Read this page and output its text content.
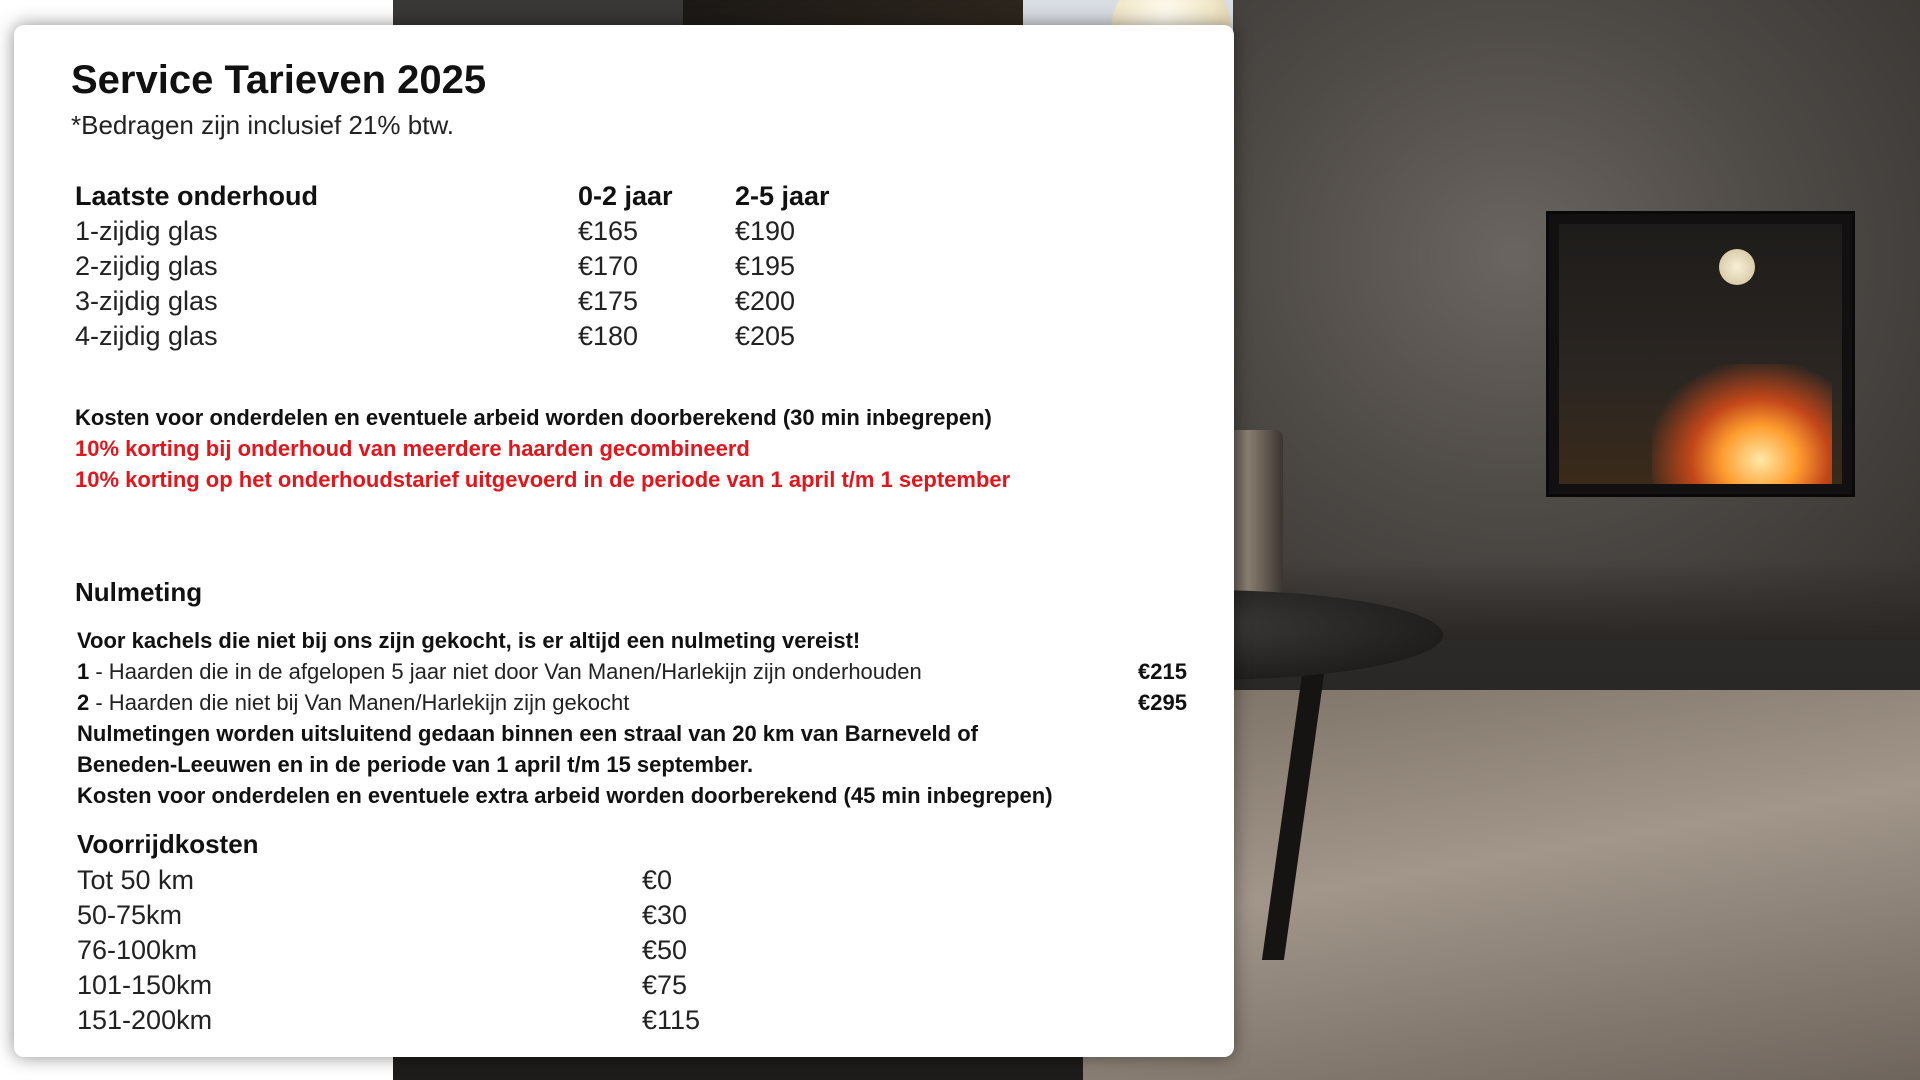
Service Tarieven 2025
*Bedragen zijn inclusief 21% btw.
Laatste onderhoud	0-2 jaar	2-5 jaar
1-zijdig glas	€165	€190
2-zijdig glas	€170	€195
3-zijdig glas	€175	€200
4-zijdig glas	€180	€205
Kosten voor onderdelen en eventuele arbeid worden doorberekend (30 min inbegrepen)
10% korting bij onderhoud van meerdere haarden gecombineerd
10% korting op het onderhoudstarief uitgevoerd in de periode van 1 april t/m 1 september
Nulmeting
Voor kachels die niet bij ons zijn gekocht, is er altijd een nulmeting vereist!
1 - Haarden die in de afgelopen 5 jaar niet door Van Manen/Harlekijn zijn onderhouden	€215
2 - Haarden die niet bij Van Manen/Harlekijn zijn gekocht	€295
Nulmetingen worden uitsluitend gedaan binnen een straal van 20 km van Barneveld of
Beneden-Leeuwen en in de periode van 1 april t/m 15 september.
Kosten voor onderdelen en eventuele extra arbeid worden doorberekend (45 min inbegrepen)
Voorrijdkosten
Tot 50 km	€0
50-75km	€30
76-100km	€50
101-150km	€75
151-200km	€115
